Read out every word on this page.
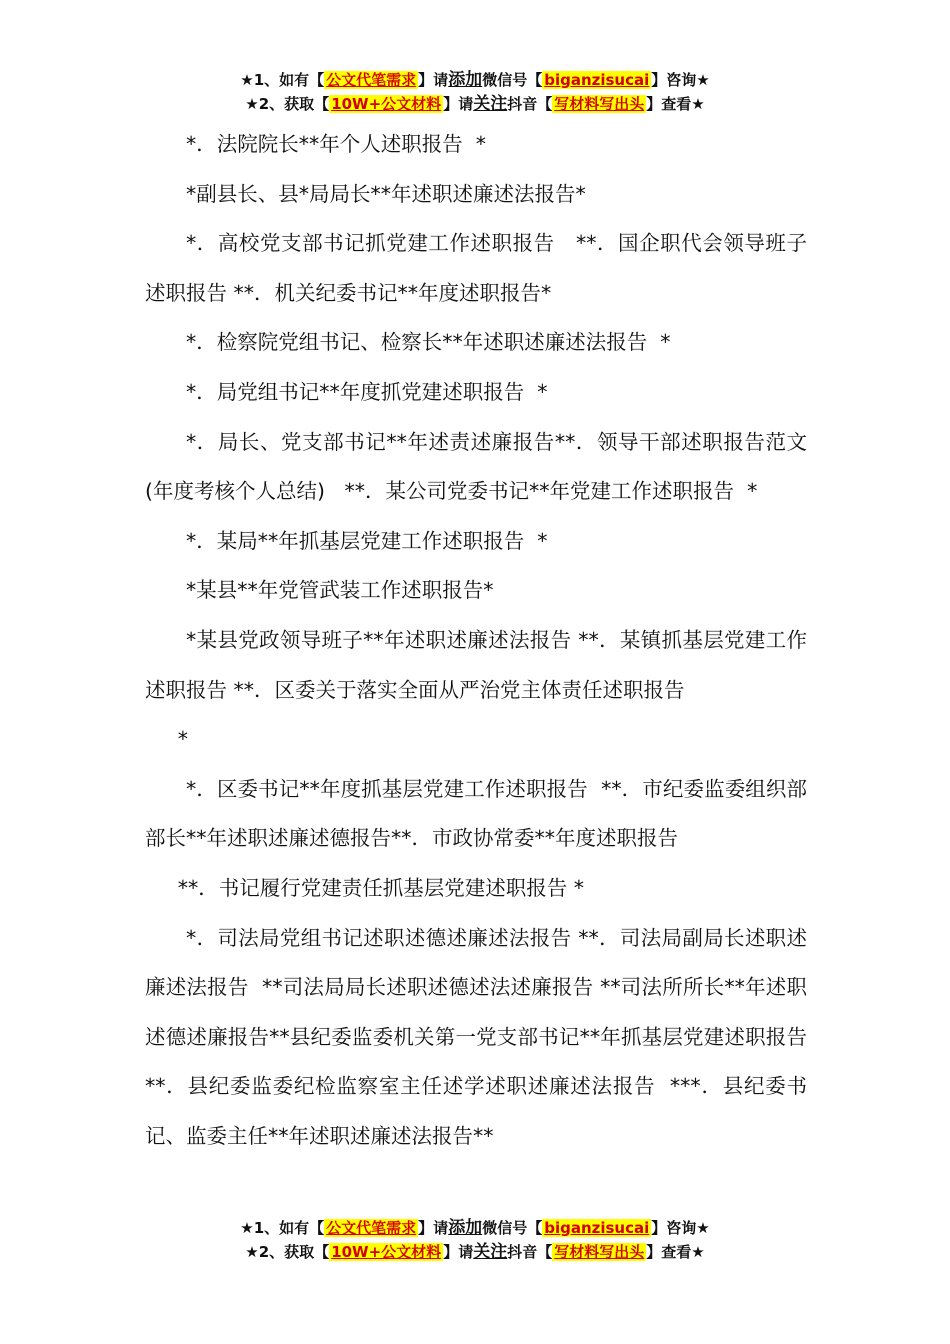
★1、如有【 公文代笔需求 】请添加微信号【 biganzisucai 】咨询★
★2、获取【 10W+公文材料 】请关注抖音【 写材料写出头 】查看★

*．法院院长**年个人述职报告  *

*副县长、县*局局长**年述职述廉述法报告*

*．高校党支部书记抓党建工作述职报告   **．国企职代会领导班子述职报告 **．机关纪委书记**年度述职报告*

*．检察院党组书记、检察长**年述职述廉述法报告  *

*．局党组书记**年度抓党建述职报告  *

*．局长、党支部书记**年述责述廉报告**．领导干部述职报告范文(年度考核个人总结)   **．某公司党委书记**年党建工作述职报告  *

*．某局**年抓基层党建工作述职报告  *

*某县**年党管武装工作述职报告*

*某县党政领导班子**年述职述廉述法报告 **．某镇抓基层党建工作述职报告 **．区委关于落实全面从严治党主体责任述职报告

*

*．区委书记**年度抓基层党建工作述职报告  **．市纪委监委组织部部长**年述职述廉述德报告**．市政协常委**年度述职报告

**．书记履行党建责任抓基层党建述职报告 *

*．司法局党组书记述职述德述廉述法报告 **．司法局副局长述职述廉述法报告  **司法局局长述职述德述法述廉报告 **司法所所长**年述职述德述廉报告**县纪委监委机关第一党支部书记**年抓基层党建述职报告   **．县纪委监委纪检监察室主任述学述职述廉述法报告  ***．县纪委书记、监委主任**年述职述廉述法报告**

★1、如有【 公文代笔需求 】请添加微信号【 biganzisucai 】咨询★
★2、获取【 10W+公文材料 】请关注抖音【 写材料写出头 】查看★
